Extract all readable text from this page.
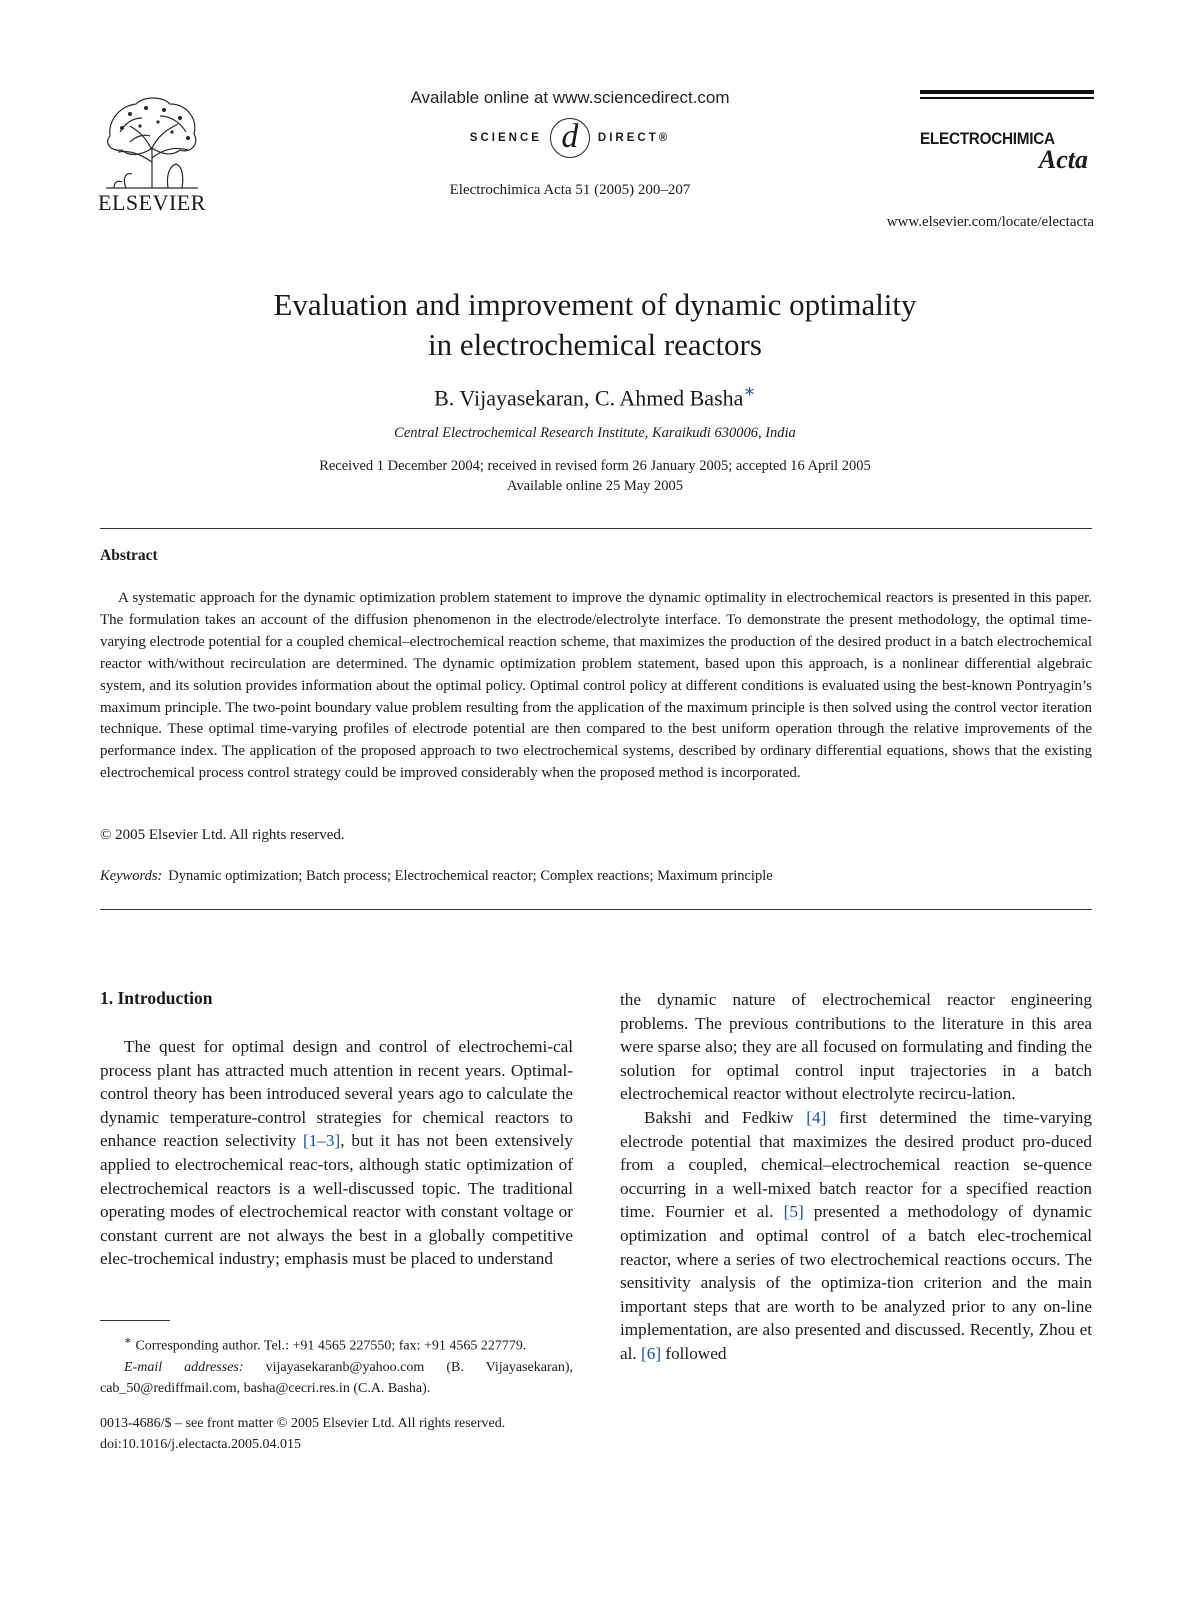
ELSEVIER
Available online at www.sciencedirect.com
SCIENCE d	DIRECT®
Electrochimica Acta 51 (2005) 200–207
ELECTROCHIMICA
Acta
www.elsevier.com/locate/electacta
Evaluation and improvement of dynamic optimality
in electrochemical reactors
B. Vijayasekaran, C. Ahmed Basha∗
Central Electrochemical Research Institute, Karaikudi 630006, India
Received 1 December 2004; received in revised form 26 January 2005; accepted 16 April 2005
Available online 25 May 2005
Abstract
A systematic approach for the dynamic optimization problem statement to improve the dynamic optimality in electrochemical reactors is presented in this paper. The formulation takes an account of the diffusion phenomenon in the electrode/electrolyte interface. To demonstrate the present methodology, the optimal time-varying electrode potential for a coupled chemical–electrochemical reaction scheme, that maximizes the production of the desired product in a batch electrochemical reactor with/without recirculation are determined. The dynamic optimization problem statement, based upon this approach, is a nonlinear differential algebraic system, and its solution provides information about the optimal policy. Optimal control policy at different conditions is evaluated using the best-known Pontryagin’s maximum principle. The two-point boundary value problem resulting from the application of the maximum principle is then solved using the control vector iteration technique. These optimal time-varying profiles of electrode potential are then compared to the best uniform operation through the relative improvements of the performance index. The application of the proposed approach to two electrochemical systems, described by ordinary differential equations, shows that the existing electrochemical process control strategy could be improved considerably when the proposed method is incorporated.
© 2005 Elsevier Ltd. All rights reserved.
Keywords: Dynamic optimization; Batch process; Electrochemical reactor; Complex reactions; Maximum principle
1. Introduction

The quest for optimal design and control of electrochemi-cal process plant has attracted much attention in recent years. Optimal-control theory has been introduced several years ago to calculate the dynamic temperature-control strategies for chemical reactors to enhance reaction selectivity [1–3], but it has not been extensively applied to electrochemical reac-tors, although static optimization of electrochemical reactors is a well-discussed topic. The traditional operating modes of electrochemical reactor with constant voltage or constant current are not always the best in a globally competitive elec-trochemical industry; emphasis must be placed to understand

the dynamic nature of electrochemical reactor engineering problems. The previous contributions to the literature in this area were sparse also; they are all focused on formulating and finding the solution for optimal control input trajectories in a batch electrochemical reactor without electrolyte recircu-lation.

Bakshi and Fedkiw [4] first determined the time-varying electrode potential that maximizes the desired product pro-duced from a coupled, chemical–electrochemical reaction se-quence occurring in a well-mixed batch reactor for a specified reaction time. Fournier et al. [5] presented a methodology of dynamic optimization and optimal control of a batch elec-trochemical reactor, where a series of two electrochemical reactions occurs. The sensitivity analysis of the optimiza-tion criterion and the main important steps that are worth to be analyzed prior to any on-line implementation, are also presented and discussed. Recently, Zhou et al. [6] followed

∗ Corresponding author. Tel.: +91 4565 227550; fax: +91 4565 227779.
E-mail addresses: vijayasekaranb@yahoo.com (B. Vijayasekaran), cab_50@rediffmail.com, basha@cecri.res.in (C.A. Basha).
0013-4686/$ – see front matter © 2005 Elsevier Ltd. All rights reserved.
doi:10.1016/j.electacta.2005.04.015
